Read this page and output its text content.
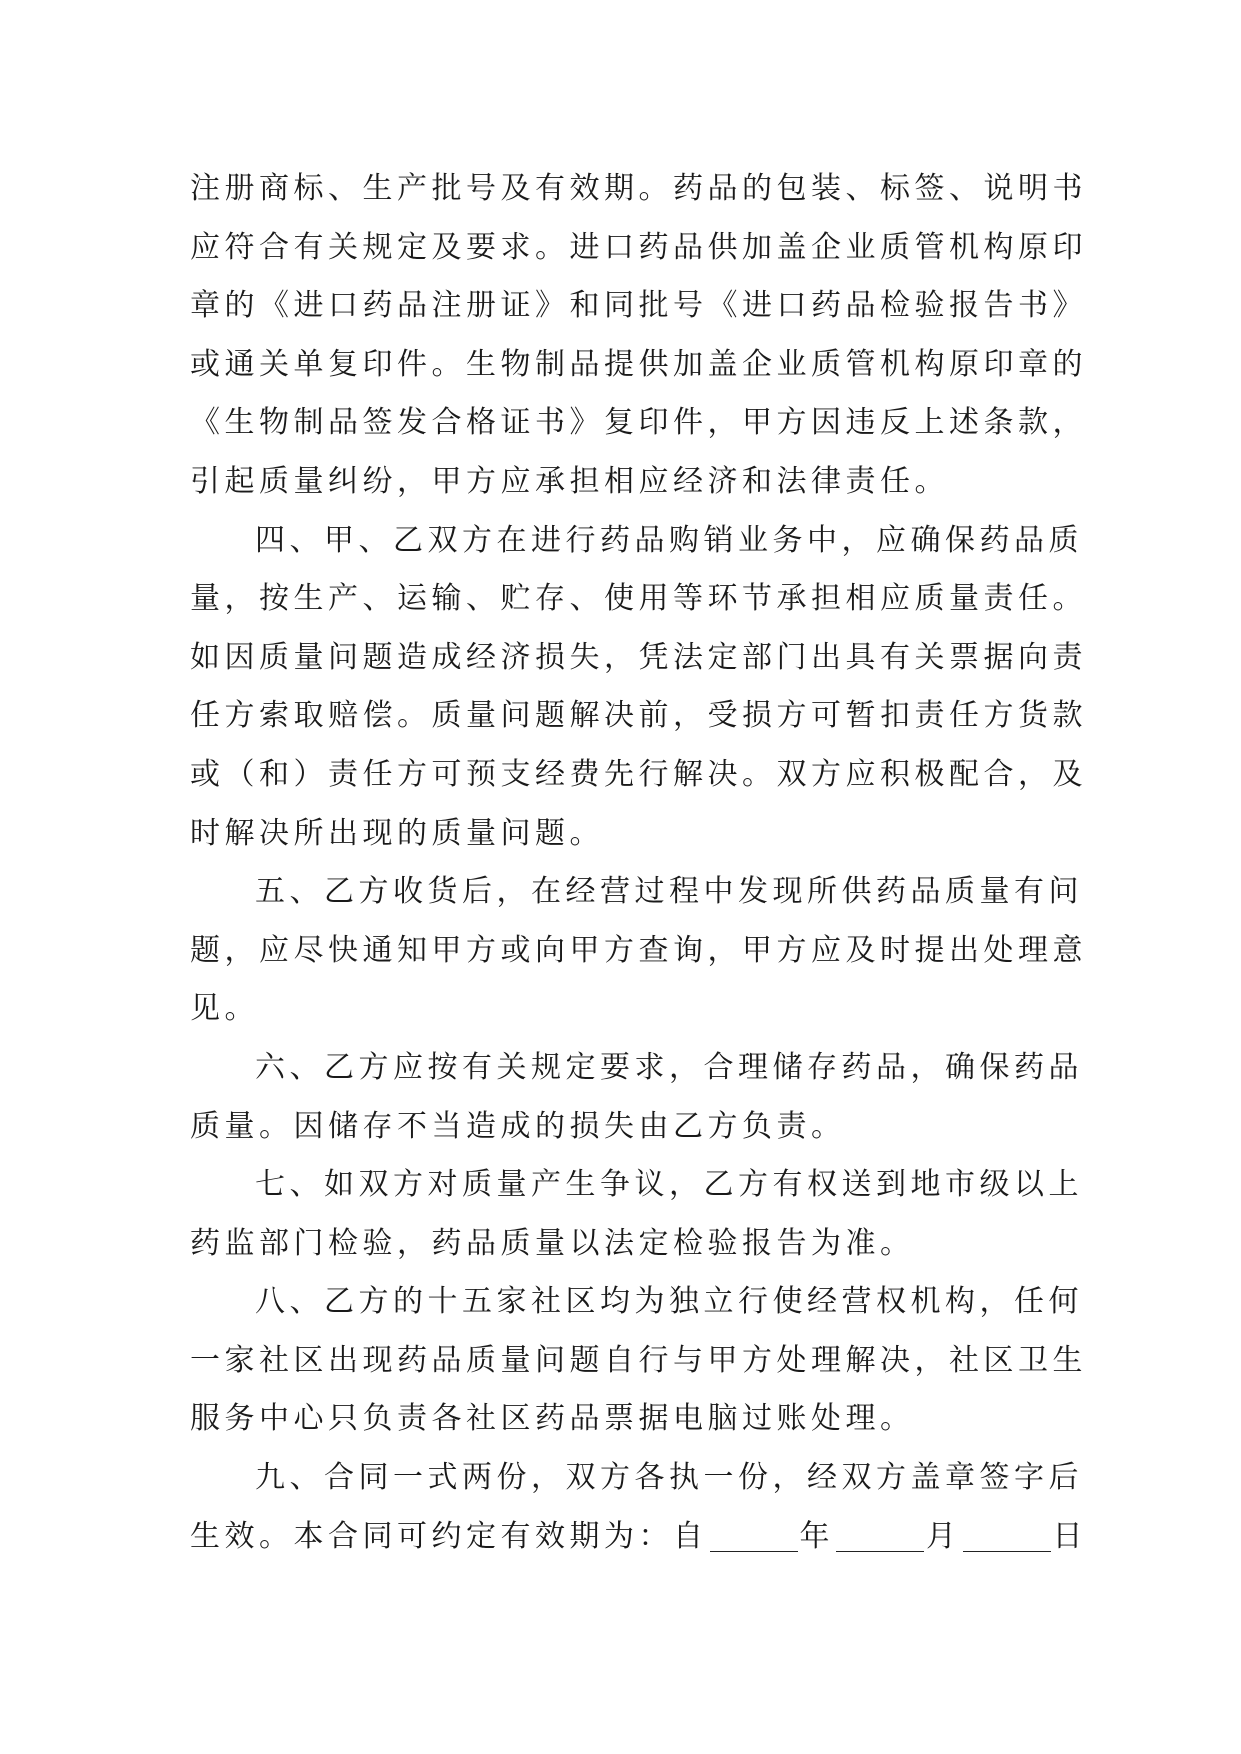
注册商标、生产批号及有效期。药品的包装、标签、说明书
应符合有关规定及要求。进口药品供加盖企业质管机构原印
章的《进口药品注册证》和同批号《进口药品检验报告书》
或通关单复印件。生物制品提供加盖企业质管机构原印章的
《生物制品签发合格证书》复印件，甲方因违反上述条款，
引起质量纠纷，甲方应承担相应经济和法律责任。
四、甲、乙双方在进行药品购销业务中，应确保药品质
量，按生产、运输、贮存、使用等环节承担相应质量责任。
如因质量问题造成经济损失，凭法定部门出具有关票据向责
任方索取赔偿。质量问题解决前，受损方可暂扣责任方货款
或（和）责任方可预支经费先行解决。双方应积极配合，及
时解决所出现的质量问题。
五、乙方收货后，在经营过程中发现所供药品质量有问
题，应尽快通知甲方或向甲方查询，甲方应及时提出处理意
见。
六、乙方应按有关规定要求，合理储存药品，确保药品
质量。因储存不当造成的损失由乙方负责。
七、如双方对质量产生争议，乙方有权送到地市级以上
药监部门检验，药品质量以法定检验报告为准。
八、乙方的十五家社区均为独立行使经营权机构，任何
一家社区出现药品质量问题自行与甲方处理解决，社区卫生
服务中心只负责各社区药品票据电脑过账处理。
九、合同一式两份，双方各执一份，经双方盖章签字后
生效。本合同可约定有效期为：自	年	月	日
